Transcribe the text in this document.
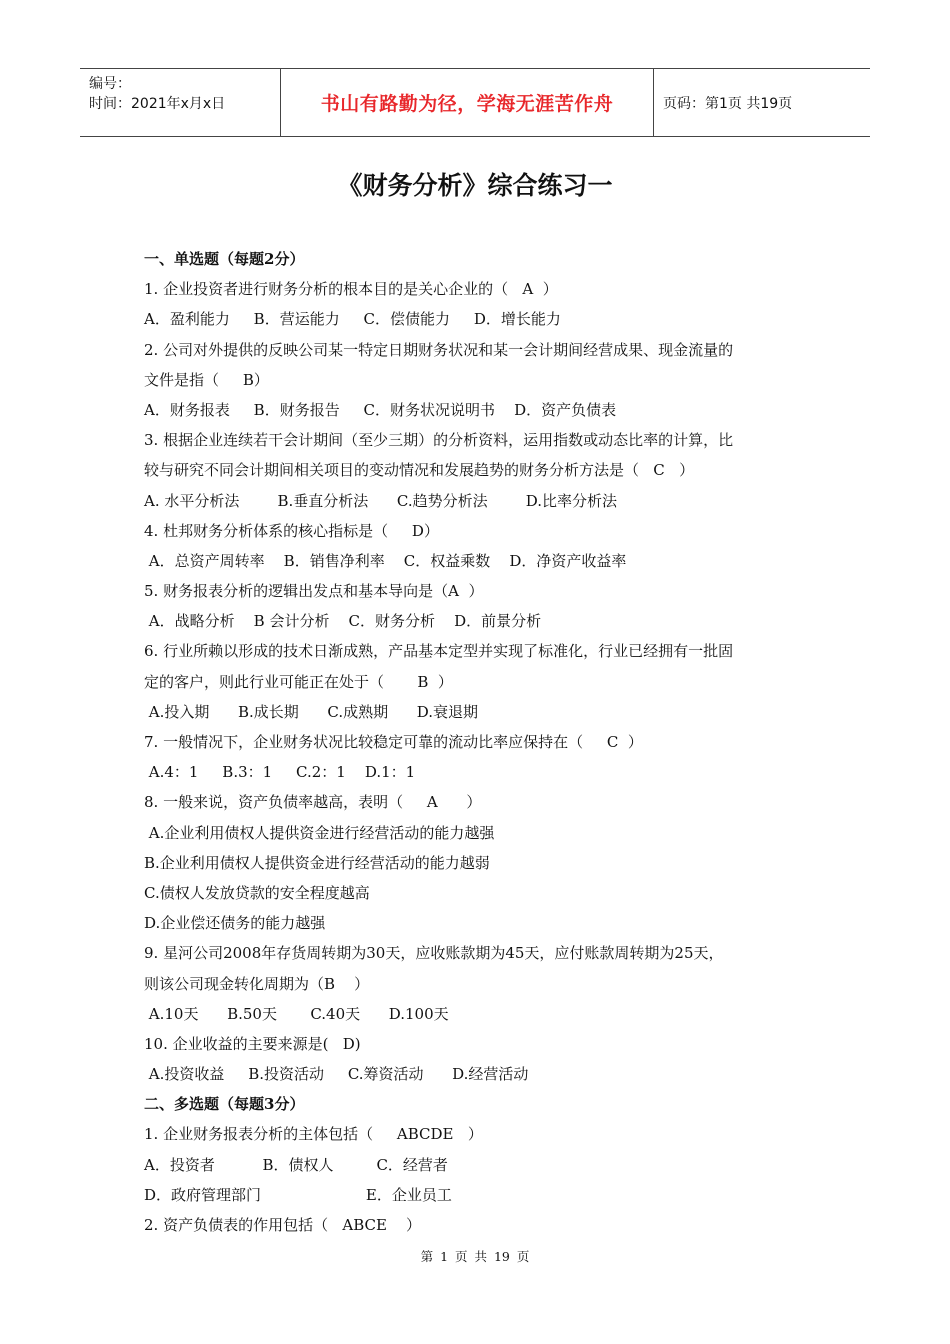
编号：
时间：2021年x月x日	书山有路勤为径，学海无涯苦作舟	页码：第1页 共19页
《财务分析》综合练习一
一、单选题（每题2分）
1. 企业投资者进行财务分析的根本目的是关心企业的（   A  ）
A．盈利能力     B．营运能力     C．偿债能力     D．增长能力
2. 公司对外提供的反映公司某一特定日期财务状况和某一会计期间经营成果、现金流量的
文件是指（     B）
A．财务报表     B．财务报告     C．财务状况说明书    D．资产负债表
3. 根据企业连续若干会计期间（至少三期）的分析资料，运用指数或动态比率的计算，比
较与研究不同会计期间相关项目的变动情况和发展趋势的财务分析方法是（   C   ）
A. 水平分析法        B.垂直分析法      C.趋势分析法        D.比率分析法
4. 杜邦财务分析体系的核心指标是（     D）
A．总资产周转率    B．销售净利率    C．权益乘数    D．净资产收益率
5. 财务报表分析的逻辑出发点和基本导向是（A  ）
A．战略分析    B 会计分析    C．财务分析    D．前景分析
6. 行业所赖以形成的技术日渐成熟，产品基本定型并实现了标准化，行业已经拥有一批固
定的客户，则此行业可能正在处于（       B  ）
A.投入期      B.成长期      C.成熟期      D.衰退期
7. 一般情况下，企业财务状况比较稳定可靠的流动比率应保持在（     C  ）
A.4：1     B.3：1     C.2：1    D.1：1
8. 一般来说，资产负债率越高，表明（     A      ）
A.企业利用债权人提供资金进行经营活动的能力越强
B.企业利用债权人提供资金进行经营活动的能力越弱
C.债权人发放贷款的安全程度越高
D.企业偿还债务的能力越强
9. 星河公司2008年存货周转期为30天，应收账款期为45天，应付账款周转期为25天，
则该公司现金转化周期为（B    ）
A.10天      B.50天       C.40天      D.100天
10. 企业收益的主要来源是(   D)
A.投资收益     B.投资活动     C.筹资活动      D.经营活动
二、多选题（每题3分）
1. 企业财务报表分析的主体包括（     ABCDE   ）
A．投资者          B．债权人         C．经营者
D．政府管理部门                      E．企业员工
2. 资产负债表的作用包括（   ABCE    ）
第 1 页 共 19 页
